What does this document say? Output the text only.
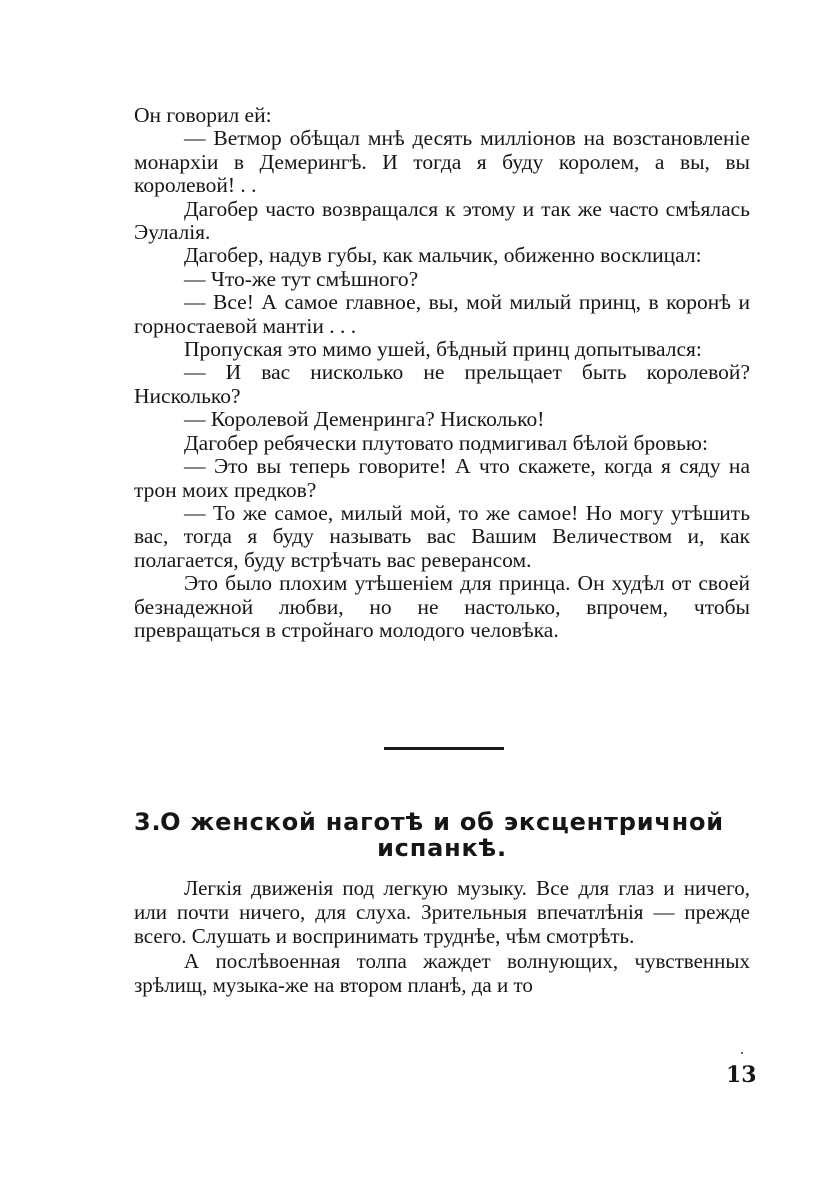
Он говорил ей:

— Ветмор обѣщал мнѣ десять милліонов на возстановленіе монархіи в Демерингѣ. И тогда я буду королем, а вы, вы королевой! . .

Дагобер часто возвращался к этому и так же часто смѣялась Эулалія.

Дагобер, надув губы, как мальчик, обиженно восклицал:

— Что-же тут смѣшного?

— Все! А самое главное, вы, мой милый принц, в коронѣ и горностаевой мантіи . . .

Пропуская это мимо ушей, бѣдный принц допытывался:

— И вас нисколько не прельщает быть королевой? Нисколько?

— Королевой Деменринга? Нисколько!

Дагобер ребячески плутовато подмигивал бѣлой бровью:

— Это вы теперь говорите! А что скажете, когда я сяду на трон моих предков?

— То же самое, милый мой, то же самое! Но могу утѣшить вас, тогда я буду называть вас Вашим Величеством и, как полагается, буду встрѣчать вас реверансом.

Это было плохим утѣшеніем для принца. Он худѣл от своей безнадежной любви, но не настолько, впрочем, чтобы превращаться в стройнаго молодого человѣка.

3.
О женской наготѣ и об эксцентричной испанкѣ.

Легкія движенія под легкую музыку. Все для глаз и ничего, или почти ничего, для слуха. Зрительныя впечатлѣнія — прежде всего. Слушать и воспринимать труднѣе, чѣм смотрѣть.

А послѣвоенная толпа жаждет волнующих, чувственных зрѣлищ, музыка-же на втором планѣ, да и то

13
